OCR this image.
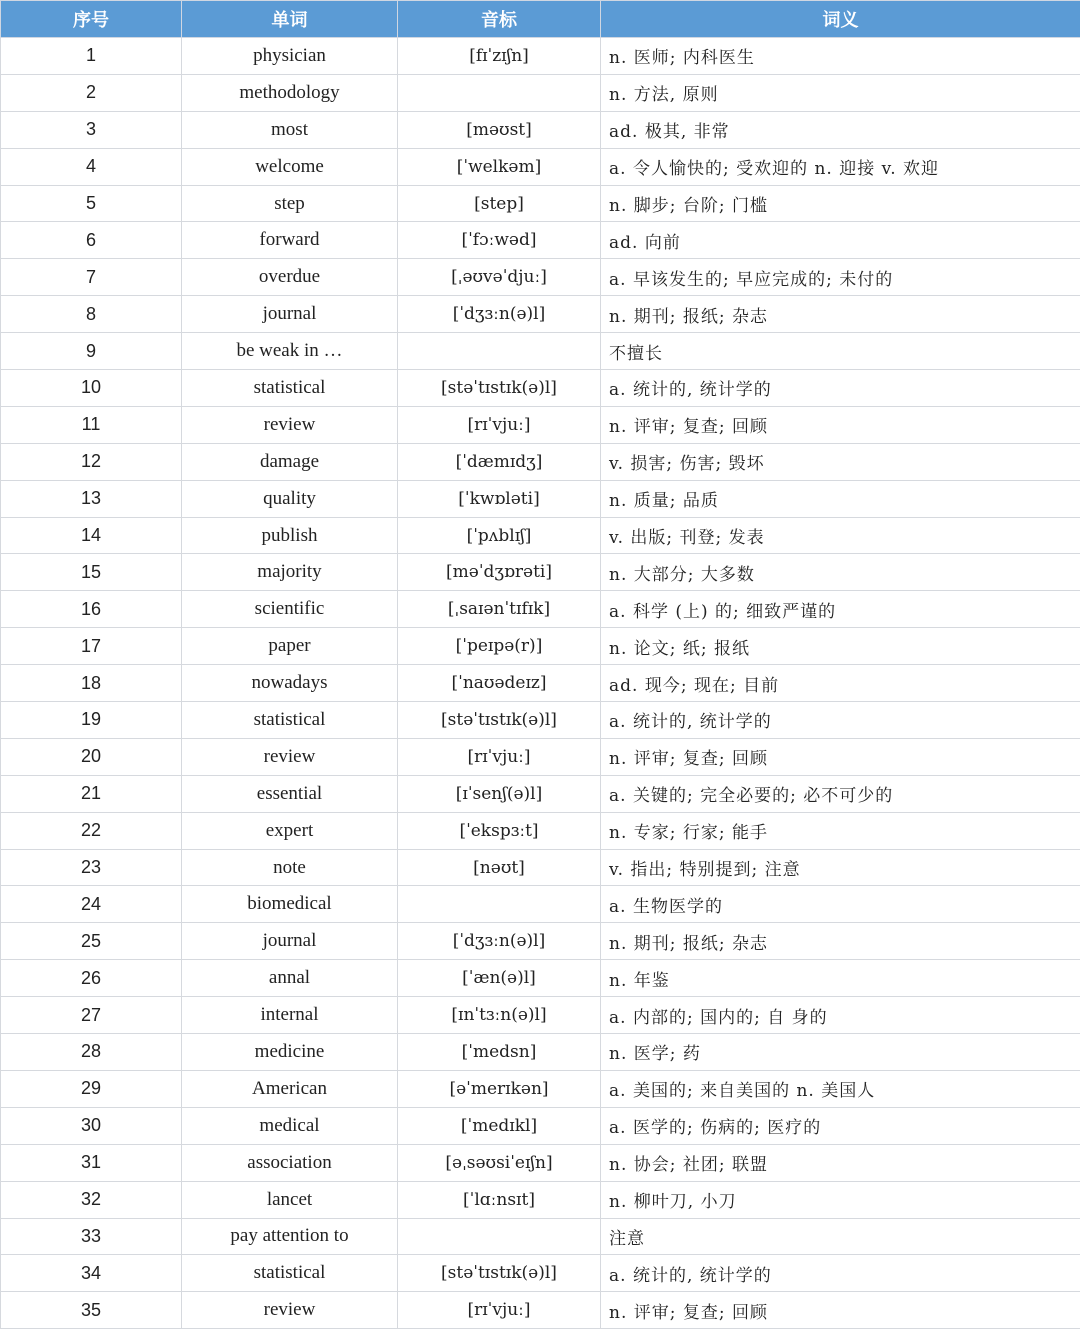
序号	单词	音标	词义
1	physician	[fɪˈzɪʃn]	n. 医师; 内科医生
2	methodology		n. 方法, 原则
3	most	[məʊst]	ad. 极其, 非常
4	welcome	[ˈwelkəm]	a. 令人愉快的; 受欢迎的 n. 迎接 v. 欢迎
5	step	[step]	n. 脚步; 台阶; 门槛
6	forward	[ˈfɔːwəd]	ad. 向前
7	overdue	[ˌəʊvəˈdjuː]	a. 早该发生的; 早应完成的; 未付的
8	journal	[ˈdʒɜːn(ə)l]	n. 期刊; 报纸; 杂志
9	be weak in …		不擅长
10	statistical	[stəˈtɪstɪk(ə)l]	a. 统计的, 统计学的
11	review	[rɪˈvjuː]	n. 评审; 复查; 回顾
12	damage	[ˈdæmɪdʒ]	v. 损害; 伤害; 毁坏
13	quality	[ˈkwɒləti]	n. 质量; 品质
14	publish	[ˈpʌblɪʃ]	v. 出版; 刊登; 发表
15	majority	[məˈdʒɒrəti]	n. 大部分; 大多数
16	scientific	[ˌsaɪənˈtɪfɪk]	a. 科学 (上) 的; 细致严谨的
17	paper	[ˈpeɪpə(r)]	n. 论文; 纸; 报纸
18	nowadays	[ˈnaʊədeɪz]	ad. 现今; 现在; 目前
19	statistical	[stəˈtɪstɪk(ə)l]	a. 统计的, 统计学的
20	review	[rɪˈvjuː]	n. 评审; 复查; 回顾
21	essential	[ɪˈsenʃ(ə)l]	a. 关键的; 完全必要的; 必不可少的
22	expert	[ˈekspɜːt]	n. 专家; 行家; 能手
23	note	[nəʊt]	v. 指出; 特别提到; 注意
24	biomedical		a. 生物医学的
25	journal	[ˈdʒɜːn(ə)l]	n. 期刊; 报纸; 杂志
26	annal	[ˈæn(ə)l]	n. 年鉴
27	internal	[ɪnˈtɜːn(ə)l]	a. 内部的; 国内的; 自 身的
28	medicine	[ˈmedsn]	n. 医学; 药
29	American	[əˈmerɪkən]	a. 美国的; 来自美国的 n. 美国人
30	medical	[ˈmedɪkl]	a. 医学的; 伤病的; 医疗的
31	association	[əˌsəʊsiˈeɪʃn]	n. 协会; 社团; 联盟
32	lancet	[ˈlɑːnsɪt]	n. 柳叶刀, 小刀
33	pay attention to		注意
34	statistical	[stəˈtɪstɪk(ə)l]	a. 统计的, 统计学的
35	review	[rɪˈvjuː]	n. 评审; 复查; 回顾
